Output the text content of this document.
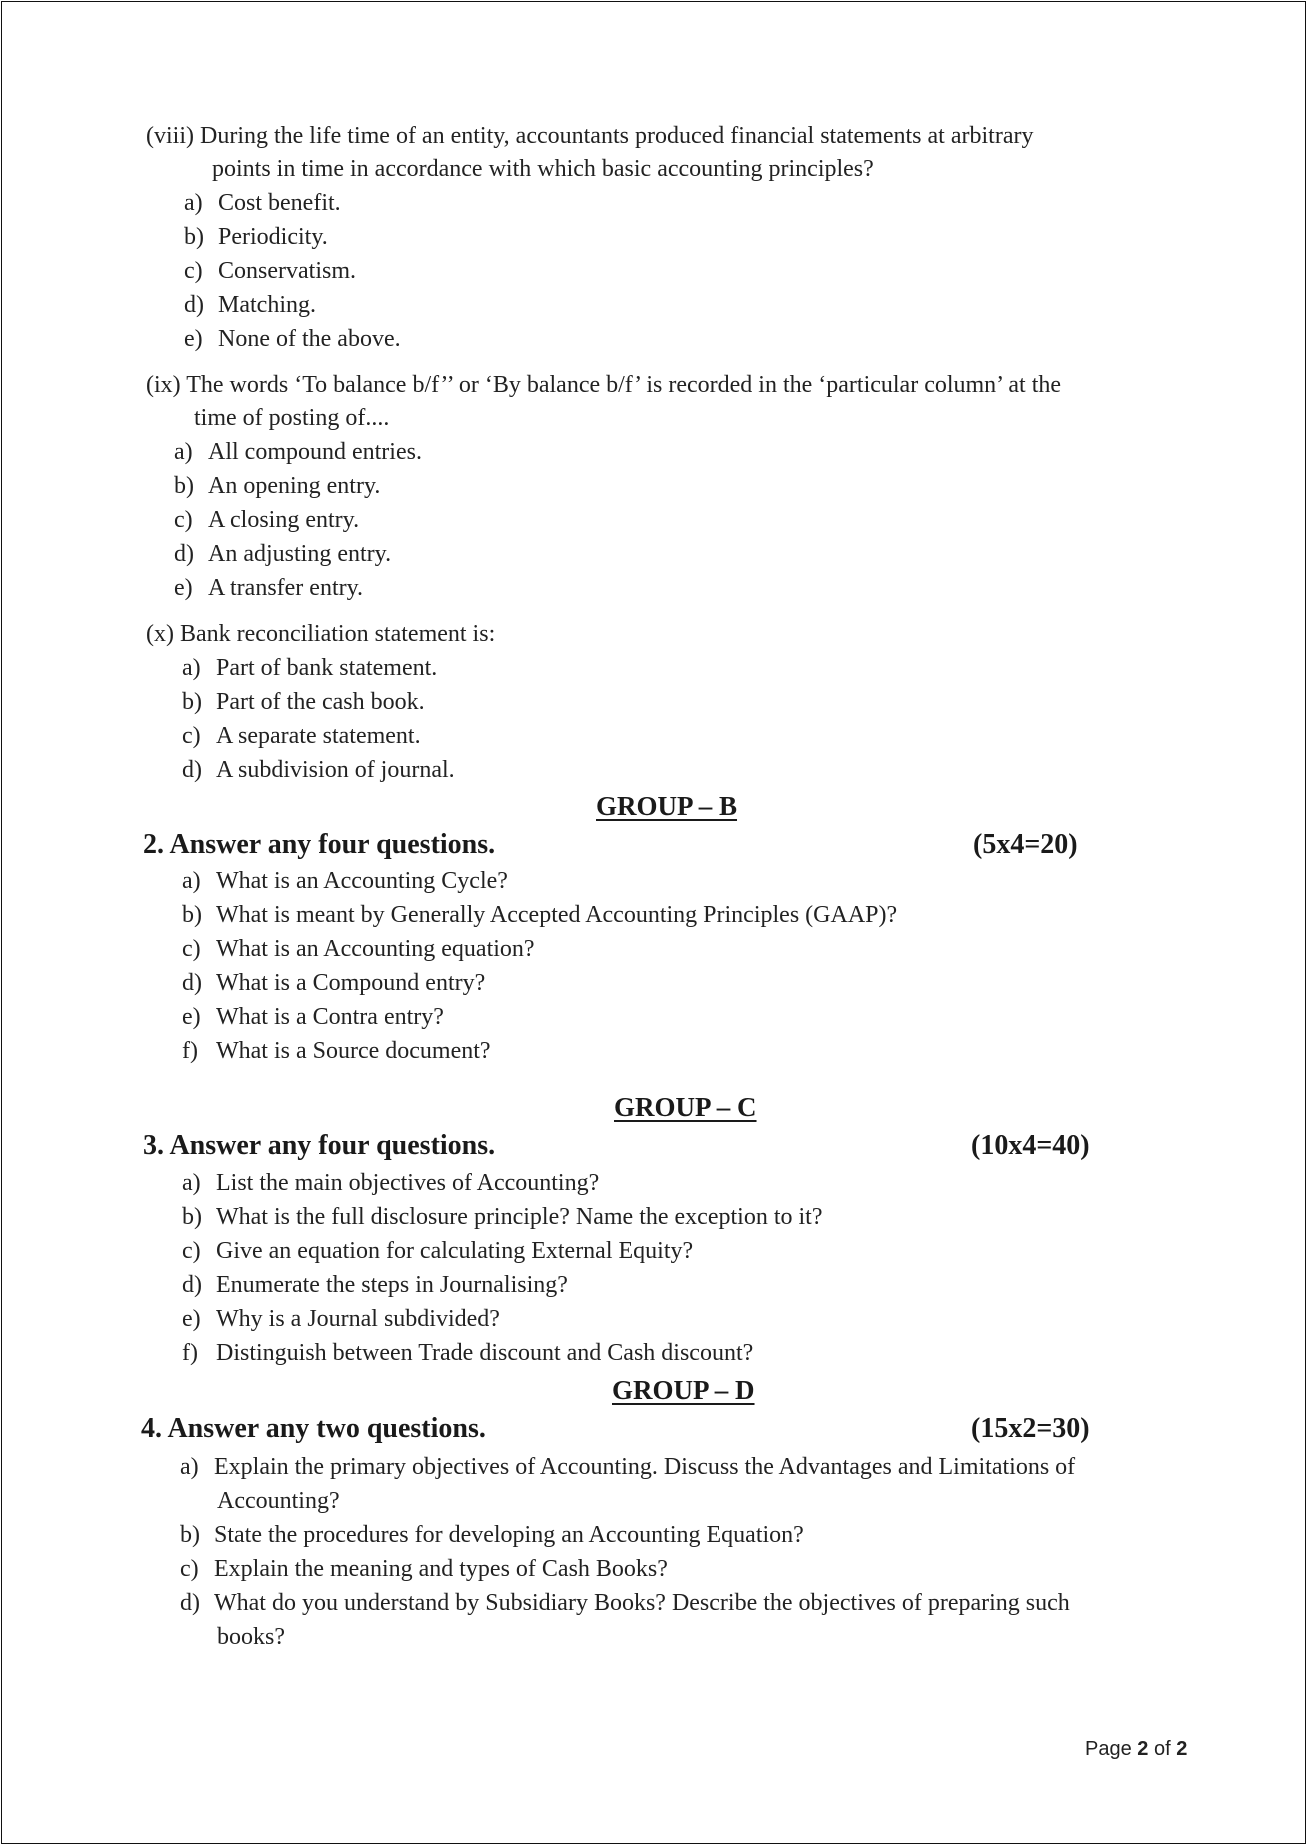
(viii) During the life time of an entity, accountants produced financial statements at arbitrary
points in time in accordance with which basic accounting principles?
a) Cost benefit.
b) Periodicity.
c) Conservatism.
d) Matching.
e) None of the above.
(ix) The words ‘To balance b/f’’ or ‘By balance b/f’ is recorded in the ‘particular column’ at the
time of posting of....
a) All compound entries.
b) An opening entry.
c) A closing entry.
d) An adjusting entry.
e) A transfer entry.
(x) Bank reconciliation statement is:
a) Part of bank statement.
b) Part of the cash book.
c) A separate statement.
d) A subdivision of journal.
GROUP – B
2. Answer any four questions.	(5x4=20)
a) What is an Accounting Cycle?
b) What is meant by Generally Accepted Accounting Principles (GAAP)?
c) What is an Accounting equation?
d) What is a Compound entry?
e) What is a Contra entry?
f) What is a Source document?
GROUP – C
3. Answer any four questions.	(10x4=40)
a) List the main objectives of Accounting?
b) What is the full disclosure principle? Name the exception to it?
c) Give an equation for calculating External Equity?
d) Enumerate the steps in Journalising?
e) Why is a Journal subdivided?
f) Distinguish between Trade discount and Cash discount?
GROUP – D
4. Answer any two questions.	(15x2=30)
a) Explain the primary objectives of Accounting. Discuss the Advantages and Limitations of
Accounting?
b) State the procedures for developing an Accounting Equation?
c) Explain the meaning and types of Cash Books?
d) What do you understand by Subsidiary Books? Describe the objectives of preparing such
books?
Page 2 of 2
